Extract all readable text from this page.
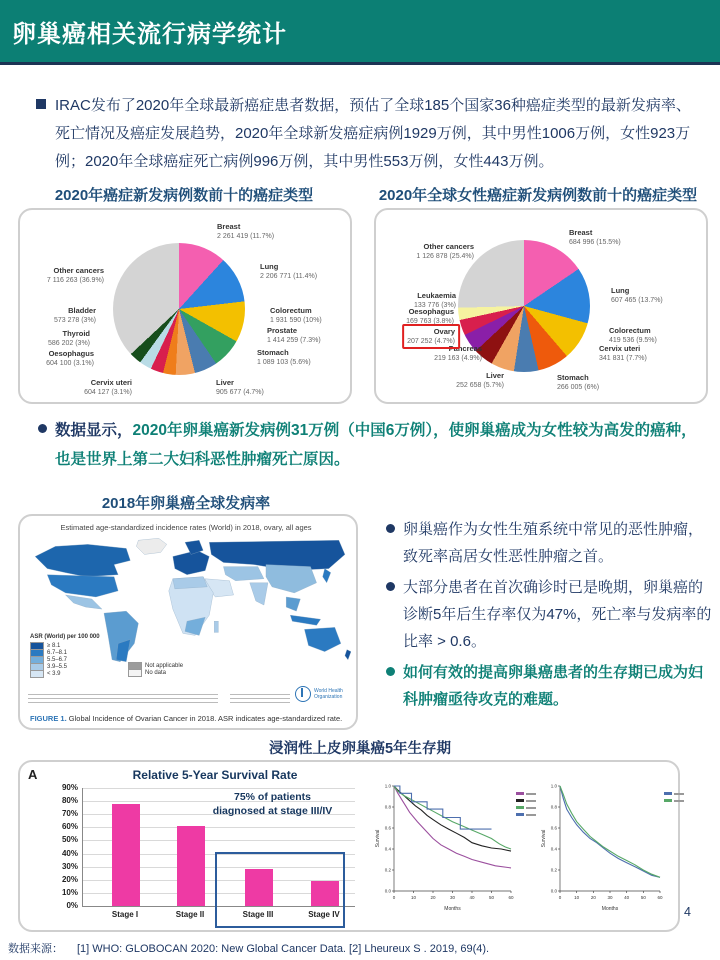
卵巢癌相关流行病学统计

IRAC发布了2020年全球最新癌症患者数据，预估了全球185个国家36种癌症类型的最新发病率、死亡情况及癌症发展趋势，2020年全球新发癌症病例1929万例，其中男性1006万例，女性923万例；2020年全球癌症死亡病例996万例，其中男性553万例，女性443万例。

2020年癌症新发病例数前十的癌症类型	2020年全球女性癌症新发病例数前十的癌症类型
Breast
2 261 419 (11.7%)
Lung
2 206 771 (11.4%)
Colorectum
1 931 590 (10%)
Prostate
1 414 259 (7.3%)
Stomach
1 089 103 (5.6%)
Liver
905 677 (4.7%)
Cervix uteri
604 127 (3.1%)
Oesophagus
604 100 (3.1%)
Thyroid
586 202 (3%)
Bladder
573 278 (3%)
Other cancers
7 116 263 (36.9%)
Breast
684 996 (15.5%)
Lung
607 465 (13.7%)
Colorectum
419 536 (9.5%)
Cervix uteri
341 831 (7.7%)
Stomach
266 005 (6%)
Liver
252 658 (5.7%)
Pancreas
219 163 (4.9%)
Ovary
207 252 (4.7%)
Oesophagus
169 763 (3.8%)
Leukaemia
133 776 (3%)
Other cancers
1 126 878 (25.4%)

数据显示，2020年卵巢癌新发病例31万例（中国6万例），使卵巢癌成为女性较为高发的癌种，也是世界上第二大妇科恶性肿瘤死亡原因。

2018年卵巢癌全球发病率
Estimated age-standardized incidence rates (World) in 2018, ovary, all ages
ASR (World) per 100 000
≥ 8.1
6.7–8.1
5.5–6.7
3.9–5.5
< 3.9
Not applicable
No data
World Health Organization
FIGURE 1. Global Incidence of Ovarian Cancer in 2018. ASR indicates age-standardized rate.

卵巢癌作为女性生殖系统中常见的恶性肿瘤，致死率高居女性恶性肿瘤之首。

大部分患者在首次确诊时已是晚期，卵巢癌的诊断5年后生存率仅为47%，死亡率与发病率的比率 > 0.6。

如何有效的提高卵巢癌患者的生存期已成为妇科肿瘤亟待攻克的难题。

浸润性上皮卵巢癌5年生存期
A	Relative 5-Year Survival Rate
75% of patients
diagnosed at stage III/IV
0%
10%
20%
30%
40%
50%
60%
70%
80%
90%
Stage I	Stage II	Stage III	Stage IV
0.0
0.2
0.4
0.6
0.8
1.0
0	10	20	30	40	50	60
Survival
Months
0.0
0.2
0.4
0.6
0.8
1.0
0	10	20	30	40	50	60
Survival
Months	4
数据来源： [1] WHO: GLOBOCAN 2020: New Global Cancer Data. [2] Lheureux S . 2019, 69(4).
